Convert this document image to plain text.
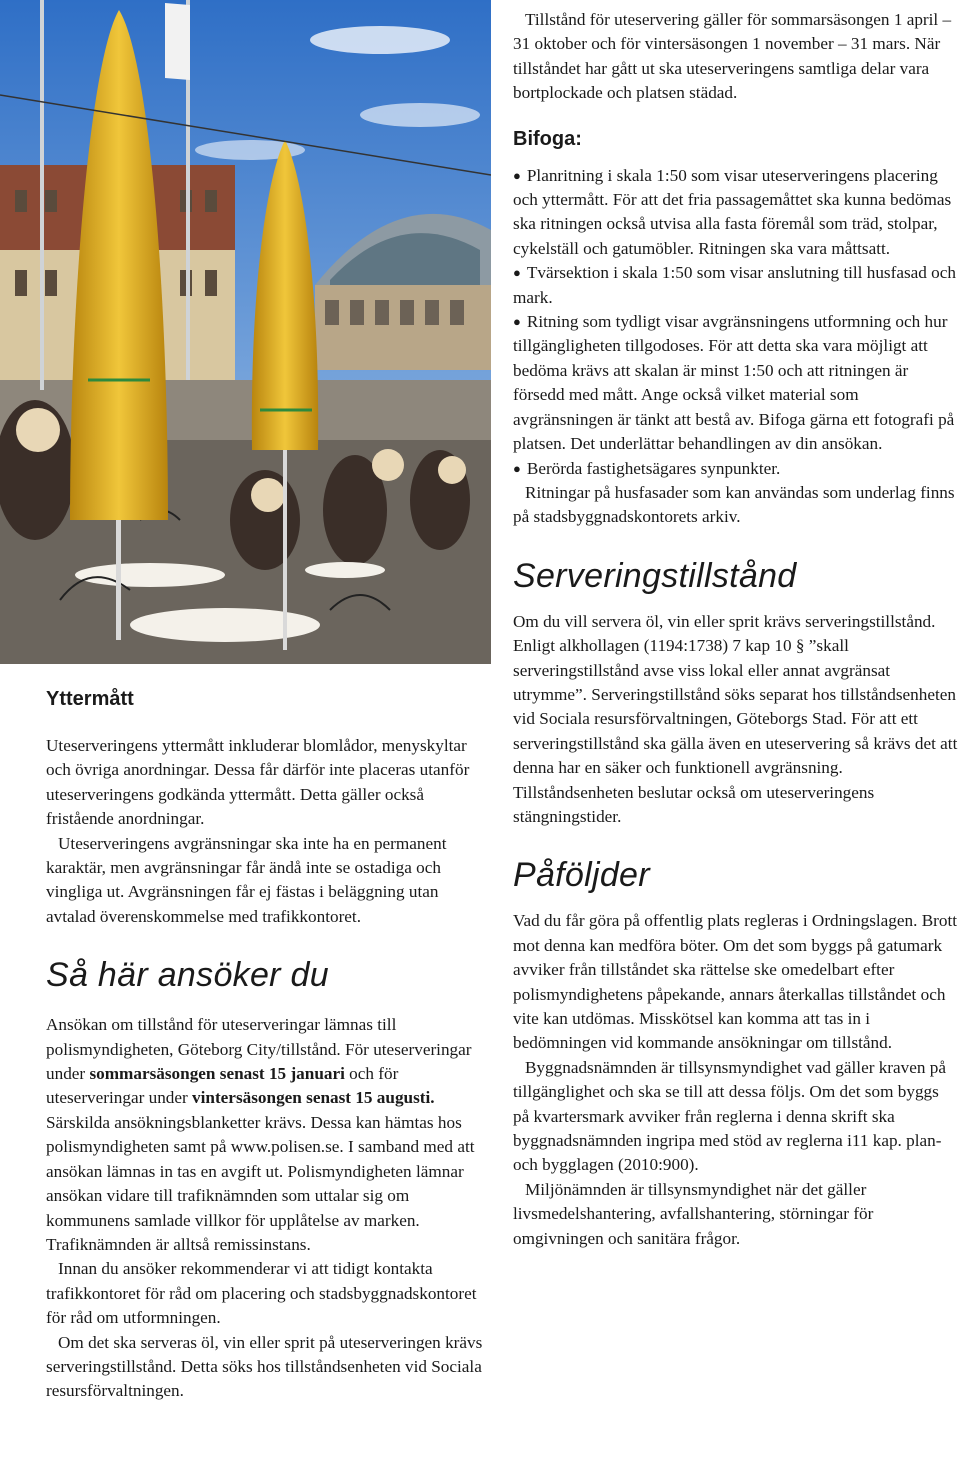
Tillstånd för uteservering gäller för sommarsäsongen 1 april – 31 oktober och för vintersäsongen 1 november – 31 mars. När tillståndet har gått ut ska uteserveringens samtliga delar vara bortplockade och platsen städad.

Bifoga:

● Planritning i skala 1:50 som visar uteserveringens placering och yttermått. För att det fria passagemåttet ska kunna bedömas ska ritningen också utvisa alla fasta föremål som träd, stolpar, cykelställ och gatumöbler. Ritningen ska vara måttsatt.

● Tvärsektion i skala 1:50 som visar anslutning till husfasad och mark.

● Ritning som tydligt visar avgränsningens utformning och hur tillgängligheten tillgodoses. För att detta ska vara möjligt att bedöma krävs att skalan är minst 1:50 och att ritningen är försedd med mått. Ange också vilket material som avgränsningen är tänkt att bestå av. Bifoga gärna ett fotografi på platsen. Det underlättar behandlingen av din ansökan.

● Berörda fastighetsägares synpunkter.

Ritningar på husfasader som kan användas som underlag finns på stadsbyggnadskontorets arkiv.

Serveringstillstånd

Om du vill servera öl, vin eller sprit krävs serveringstillstånd. Enligt alkhollagen (1194:1738) 7 kap 10 § ”skall serveringstillstånd avse viss lokal eller annat avgränsat utrymme”. Serveringstillstånd söks separat hos tillståndsenheten vid Sociala resursförvaltningen, Göteborgs Stad. För att ett serveringstillstånd ska gälla även en uteservering så krävs det att denna har en säker och funktionell avgränsning. Tillståndsenheten beslutar också om uteserveringens stängningstider.

Påföljder

Vad du får göra på offentlig plats regleras i Ordningslagen. Brott mot denna kan medföra böter. Om det som byggs på gatumark avviker från tillståndet ska rättelse ske omedelbart efter polismyndighetens påpekande, annars återkallas tillståndet och vite kan utdömas. Misskötsel kan komma att tas in i bedömningen vid kommande ansökningar om tillstånd.

Byggnadsnämnden är tillsynsmyndighet vad gäller kraven på tillgänglighet och ska se till att dessa följs. Om det som byggs på kvartersmark avviker från reglerna i denna skrift ska byggnadsnämnden ingripa med stöd av reglerna i11 kap. plan- och bygglagen (2010:900).

Miljönämnden är tillsynsmyndighet när det gäller livsmedelshantering, avfallshantering, störningar för omgivningen och sanitära frågor.

Yttermått

Uteserveringens yttermått inkluderar blomlådor, menyskyltar och övriga anordningar. Dessa får därför inte placeras utanför uteserveringens godkända yttermått. Detta gäller också fristående anordningar.

Uteserveringens avgränsningar ska inte ha en permanent karaktär, men avgränsningar får ändå inte se ostadiga och vingliga ut. Avgränsningen får ej fästas i beläggning utan avtalad överenskommelse med trafikkontoret.

Så här ansöker du

Ansökan om tillstånd för uteserveringar lämnas till polismyndigheten, Göteborg City/tillstånd. För uteserveringar under sommarsäsongen senast 15 januari och för uteserveringar under vintersäsongen senast 15 augusti. Särskilda ansökningsblanketter krävs. Dessa kan hämtas hos polismyndigheten samt på www.polisen.se. I samband med att ansökan lämnas in tas en avgift ut. Polismyndigheten lämnar ansökan vidare till trafiknämnden som uttalar sig om kommunens samlade villkor för upplåtelse av marken. Trafiknämnden är alltså remissinstans.

Innan du ansöker rekommenderar vi att tidigt kontakta trafikkontoret för råd om placering och stadsbyggnadskontoret för råd om utformningen.

Om det ska serveras öl, vin eller sprit på uteserveringen krävs serveringstillstånd. Detta söks hos tillståndsenheten vid Sociala resursförvaltningen.
